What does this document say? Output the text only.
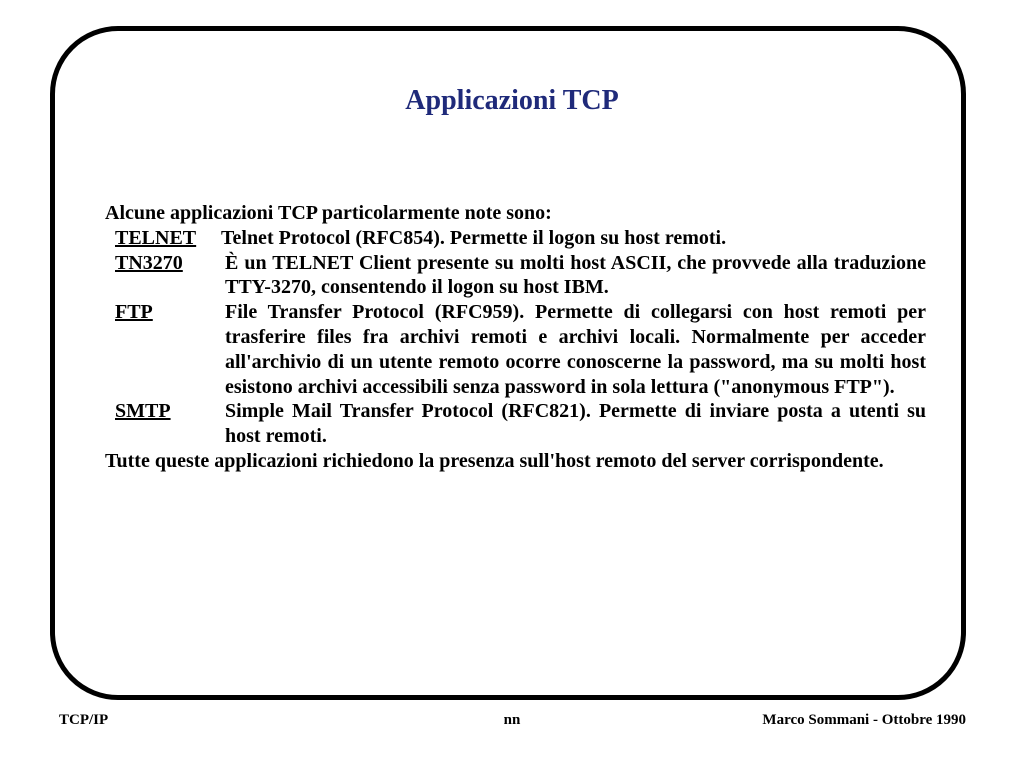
Applicazioni TCP
Alcune applicazioni TCP particolarmente note sono:
TELNET Telnet Protocol (RFC854). Permette il logon su host remoti.
TN3270 È un TELNET Client presente su molti host ASCII, che provvede alla traduzione TTY-3270, consentendo il logon su host IBM.
FTP	File Transfer Protocol (RFC959). Permette di collegarsi con host remoti per trasferire files fra archivi remoti e archivi locali. Normalmente per acceder all'archivio di un utente remoto ocorre conoscerne la password, ma su molti host esistono archivi accessibili senza password in sola lettura ("anonymous FTP").
SMTP	Simple Mail Transfer Protocol (RFC821). Permette di inviare posta a utenti su host remoti.
Tutte queste applicazioni richiedono la presenza sull'host remoto del server corrispondente.
TCP/IP	nn	Marco Sommani - Ottobre 1990
